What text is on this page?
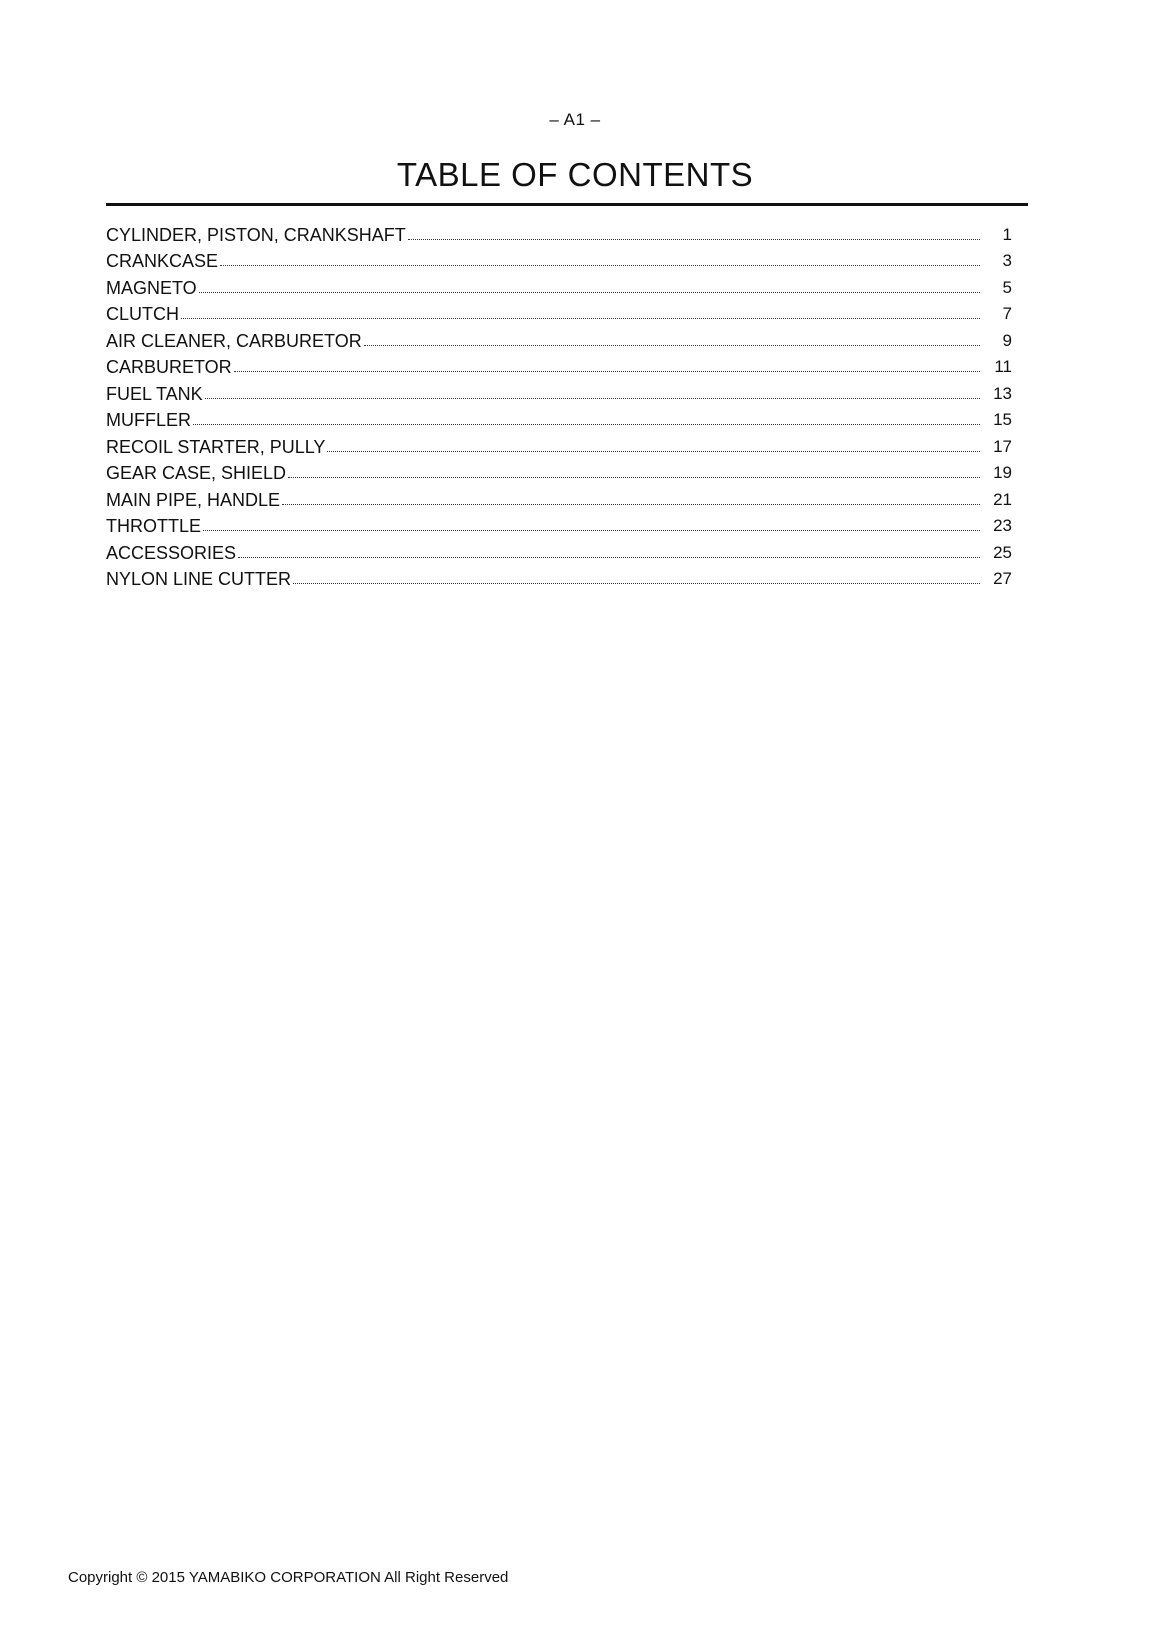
– A1 –
TABLE OF CONTENTS
CYLINDER, PISTON, CRANKSHAFT	1
CRANKCASE	3
MAGNETO	5
CLUTCH	7
AIR CLEANER, CARBURETOR	9
CARBURETOR	11
FUEL TANK	13
MUFFLER	15
RECOIL STARTER, PULLY	17
GEAR CASE, SHIELD	19
MAIN PIPE, HANDLE	21
THROTTLE	23
ACCESSORIES	25
NYLON LINE CUTTER	27
Copyright © 2015 YAMABIKO CORPORATION All Right Reserved
